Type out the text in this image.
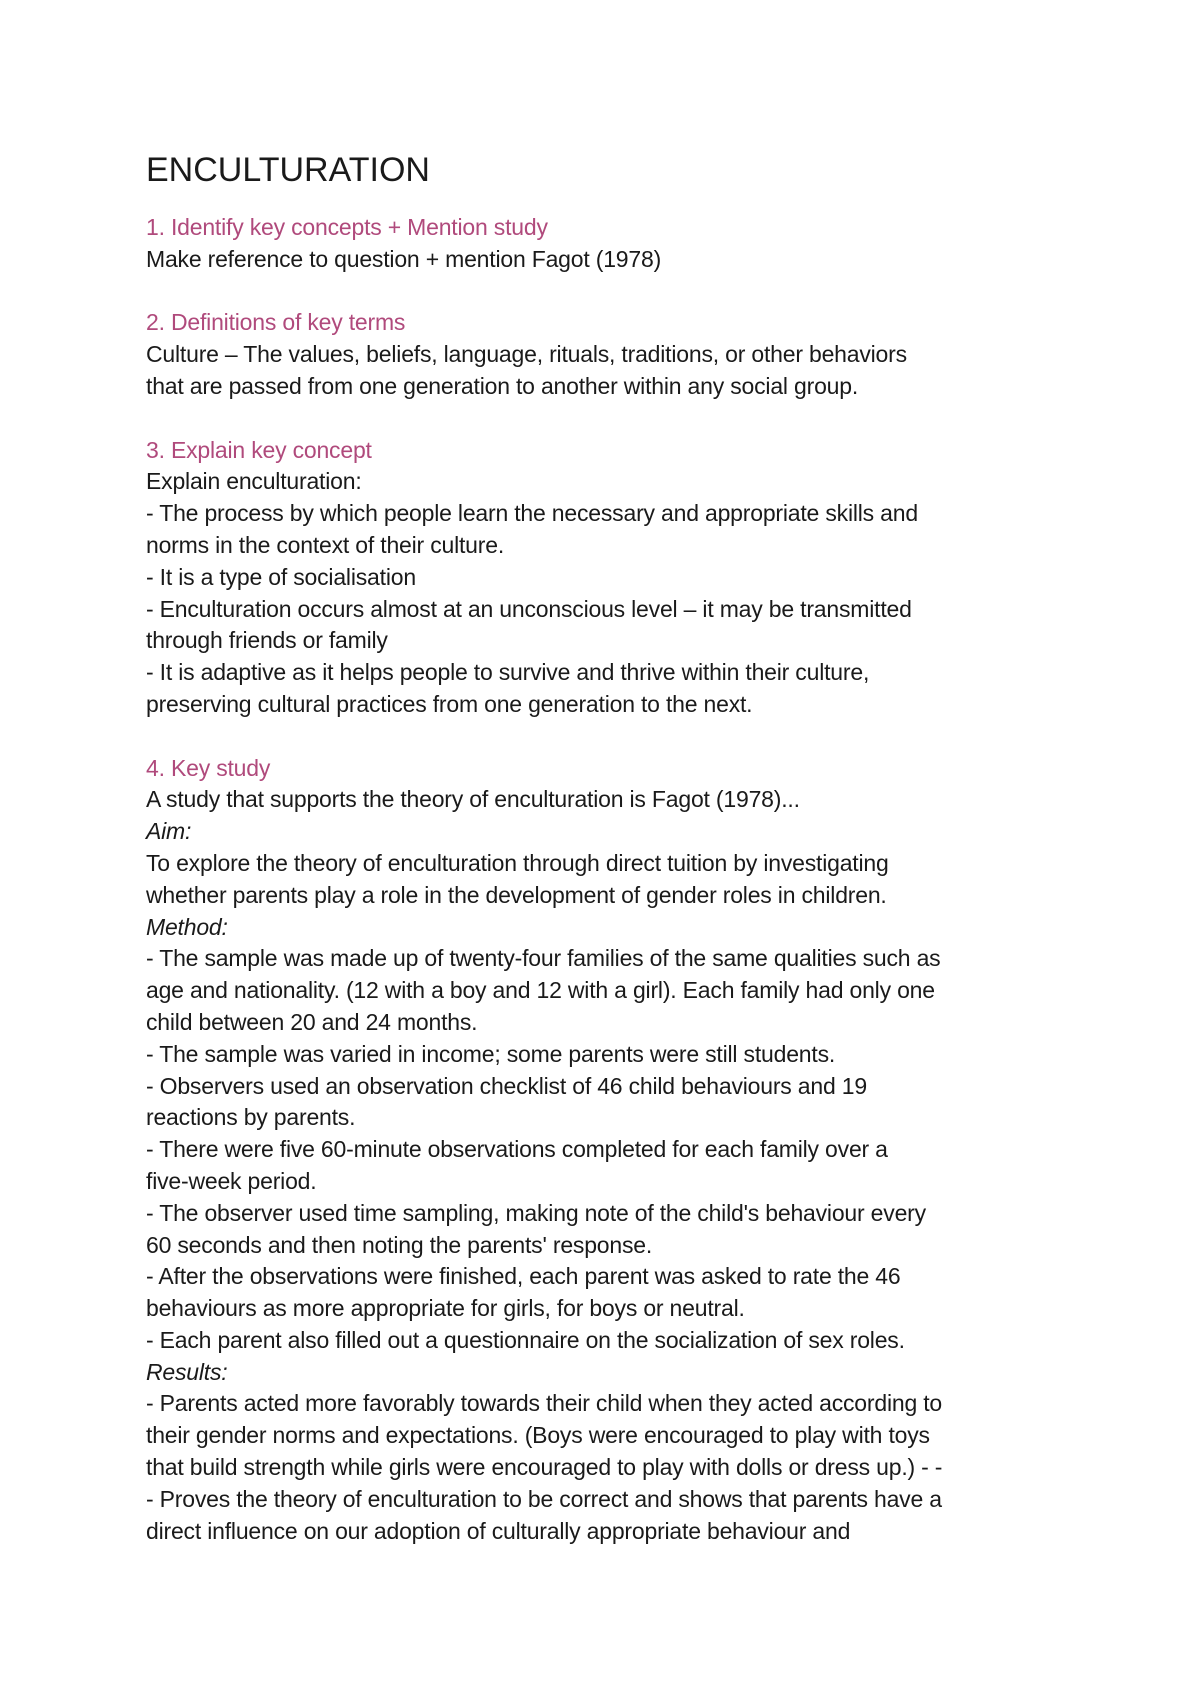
ENCULTURATION

1. Identify key concepts + Mention study

Make reference to question + mention Fagot (1978)

2. Definitions of key terms

Culture – The values, beliefs, language, rituals, traditions, or other behaviors

that are passed from one generation to another within any social group.

3. Explain key concept

Explain enculturation:

- The process by which people learn the necessary and appropriate skills and

norms in the context of their culture.

- It is a type of socialisation

- Enculturation occurs almost at an unconscious level – it may be transmitted

through friends or family

- It is adaptive as it helps people to survive and thrive within their culture,

preserving cultural practices from one generation to the next.

4. Key study

A study that supports the theory of enculturation is Fagot (1978)...

Aim:

To explore the theory of enculturation through direct tuition by investigating

whether parents play a role in the development of gender roles in children.

Method:

- The sample was made up of twenty-four families of the same qualities such as

age and nationality. (12 with a boy and 12 with a girl). Each family had only one

child between 20 and 24 months.

- The sample was varied in income; some parents were still students.

- Observers used an observation checklist of 46 child behaviours and 19

reactions by parents.

- There were five 60-minute observations completed for each family over a

five-week period.

- The observer used time sampling, making note of the child's behaviour every

60 seconds and then noting the parents' response.

- After the observations were finished, each parent was asked to rate the 46

behaviours as more appropriate for girls, for boys or neutral.

- Each parent also filled out a questionnaire on the socialization of sex roles.

Results:

- Parents acted more favorably towards their child when they acted according to

their gender norms and expectations. (Boys were encouraged to play with toys

that build strength while girls were encouraged to play with dolls or dress up.) - -

- Proves the theory of enculturation to be correct and shows that parents have a

direct influence on our adoption of culturally appropriate behaviour and
